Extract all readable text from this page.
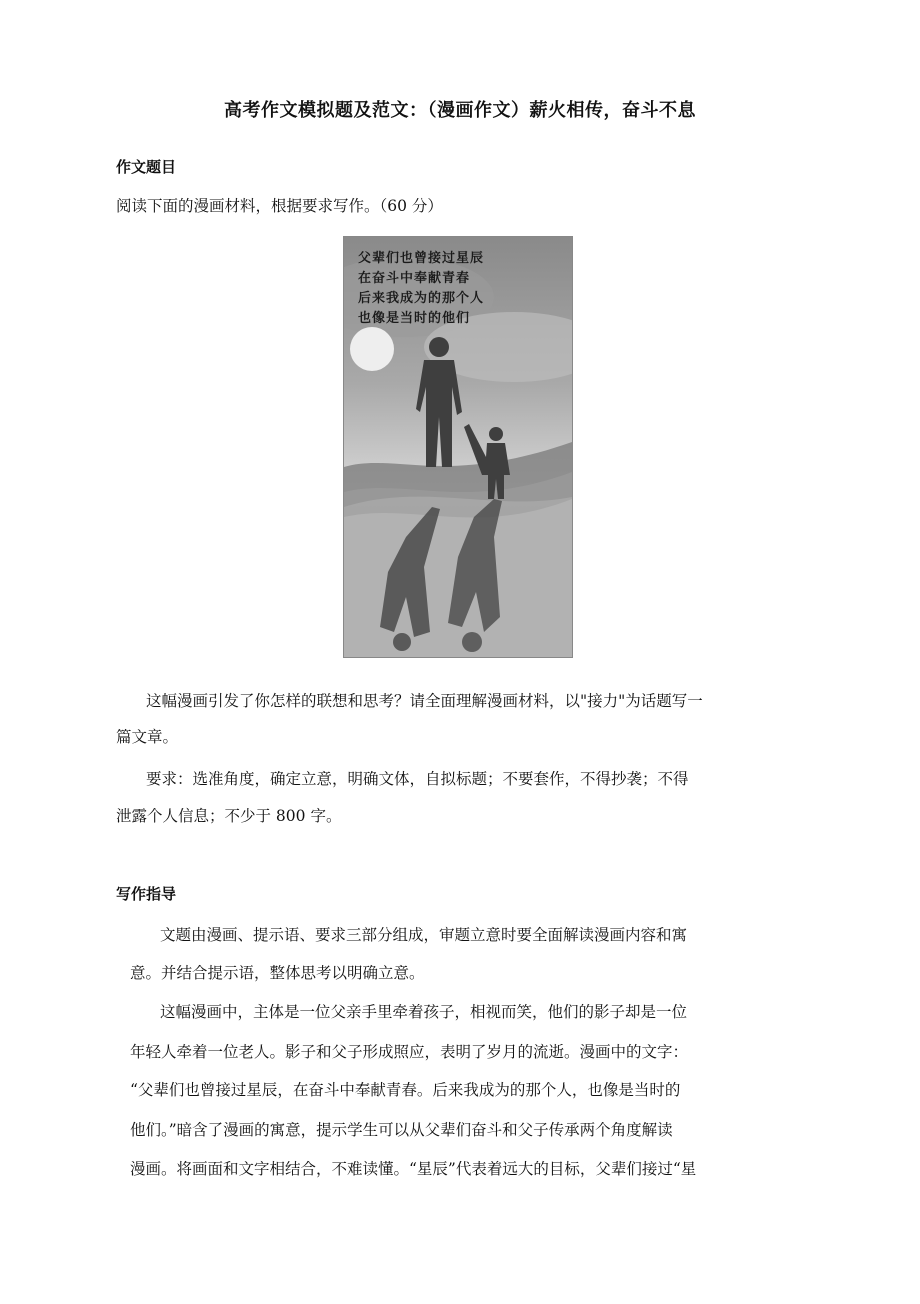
高考作文模拟题及范文：（漫画作文）薪火相传，奋斗不息
作文题目
阅读下面的漫画材料，根据要求写作。（60 分）
父辈们也曾接过星辰
在奋斗中奉献青春
后来我成为的那个人
也像是当时的他们
这幅漫画引发了你怎样的联想和思考？请全面理解漫画材料，以"接力"为话题写一
篇文章。
要求：选准角度，确定立意，明确文体，自拟标题；不要套作，不得抄袭；不得
泄露个人信息；不少于 800 字。
写作指导
文题由漫画、提示语、要求三部分组成，审题立意时要全面解读漫画内容和寓
意。并结合提示语，整体思考以明确立意。
这幅漫画中，主体是一位父亲手里牵着孩子，相视而笑，他们的影子却是一位
年轻人牵着一位老人。影子和父子形成照应，表明了岁月的流逝。漫画中的文字：
“父辈们也曾接过星辰，在奋斗中奉献青春。后来我成为的那个人，也像是当时的
他们。”暗含了漫画的寓意，提示学生可以从父辈们奋斗和父子传承两个角度解读
漫画。将画面和文字相结合，不难读懂。“星辰”代表着远大的目标，父辈们接过“星
